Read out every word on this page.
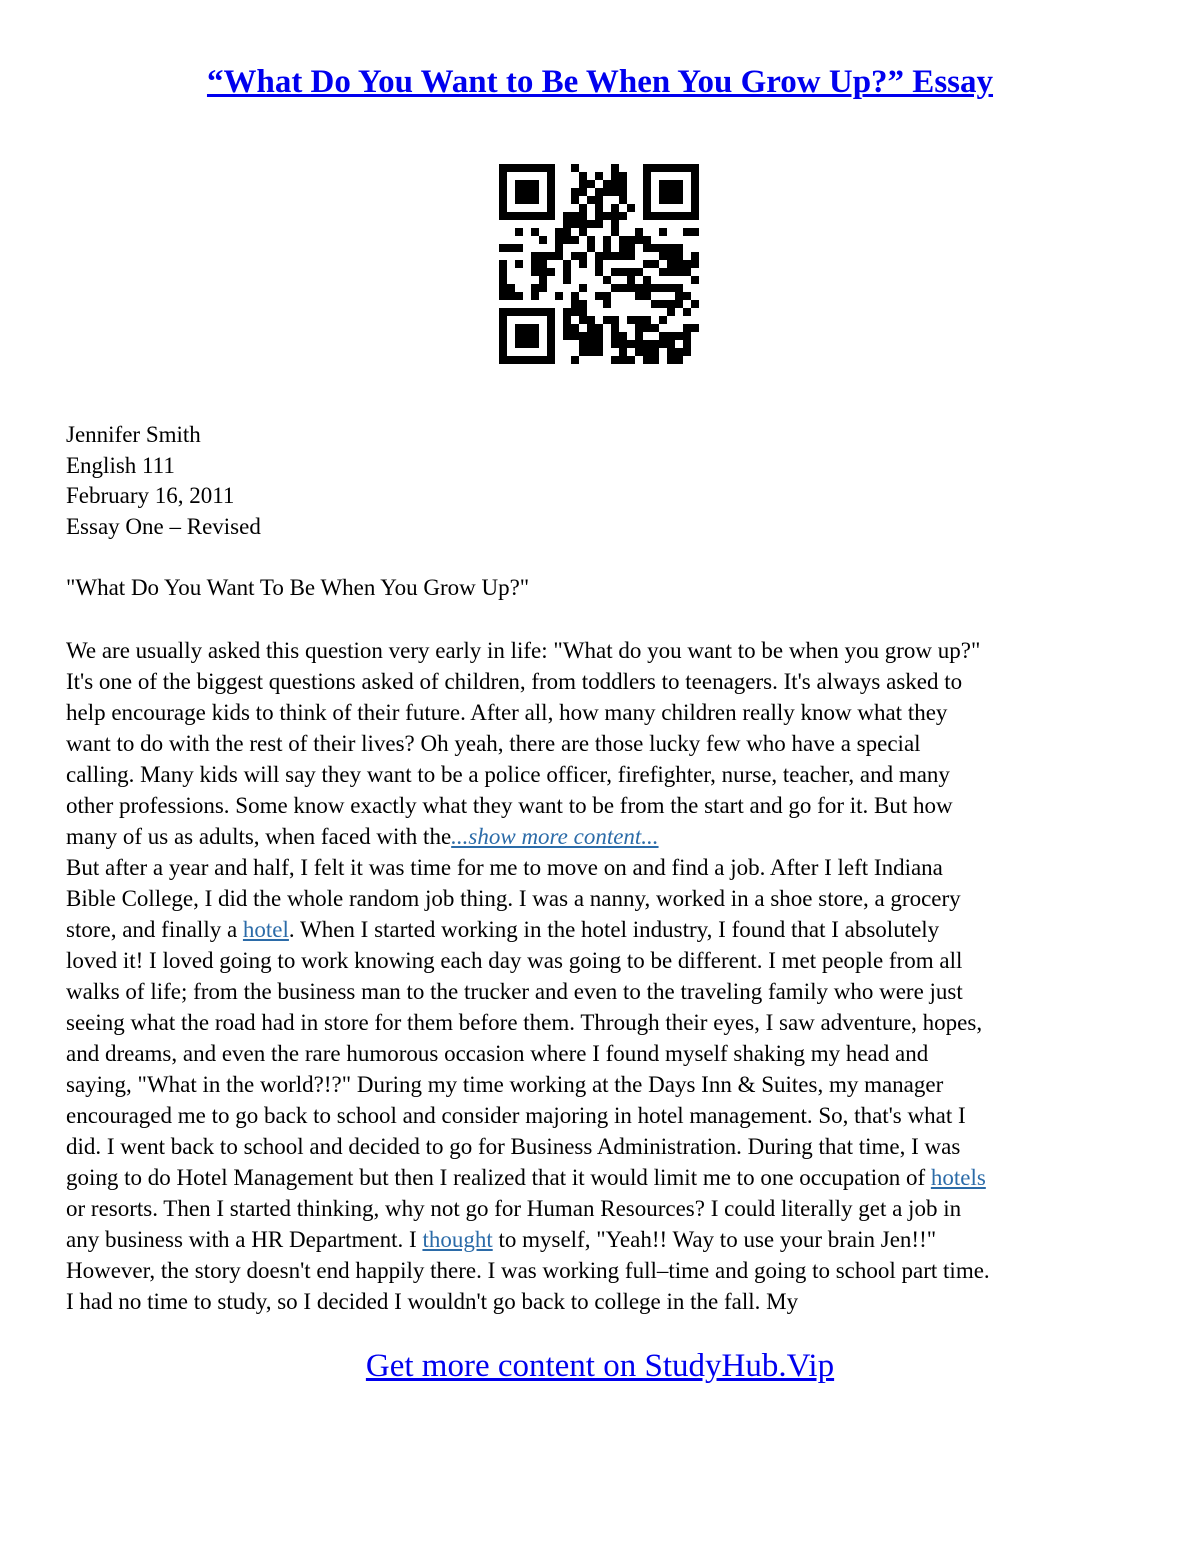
“What Do You Want to Be When You Grow Up?” Essay
Jennifer Smith
English 111
February 16, 2011
Essay One – Revised
"What Do You Want To Be When You Grow Up?"
We are usually asked this question very early in life: "What do you want to be when you grow up?"
It's one of the biggest questions asked of children, from toddlers to teenagers. It's always asked to
help encourage kids to think of their future. After all, how many children really know what they
want to do with the rest of their lives? Oh yeah, there are those lucky few who have a special
calling. Many kids will say they want to be a police officer, firefighter, nurse, teacher, and many
other professions. Some know exactly what they want to be from the start and go for it. But how
many of us as adults, when faced with the...show more content...
But after a year and half, I felt it was time for me to move on and find a job. After I left Indiana
Bible College, I did the whole random job thing. I was a nanny, worked in a shoe store, a grocery
store, and finally a hotel. When I started working in the hotel industry, I found that I absolutely
loved it! I loved going to work knowing each day was going to be different. I met people from all
walks of life; from the business man to the trucker and even to the traveling family who were just
seeing what the road had in store for them before them. Through their eyes, I saw adventure, hopes,
and dreams, and even the rare humorous occasion where I found myself shaking my head and
saying, "What in the world?!?" During my time working at the Days Inn & Suites, my manager
encouraged me to go back to school and consider majoring in hotel management. So, that's what I
did. I went back to school and decided to go for Business Administration. During that time, I was
going to do Hotel Management but then I realized that it would limit me to one occupation of hotels
or resorts. Then I started thinking, why not go for Human Resources? I could literally get a job in
any business with a HR Department. I thought to myself, "Yeah!! Way to use your brain Jen!!"
However, the story doesn't end happily there. I was working full–time and going to school part time.
I had no time to study, so I decided I wouldn't go back to college in the fall. My
Get more content on StudyHub.Vip
